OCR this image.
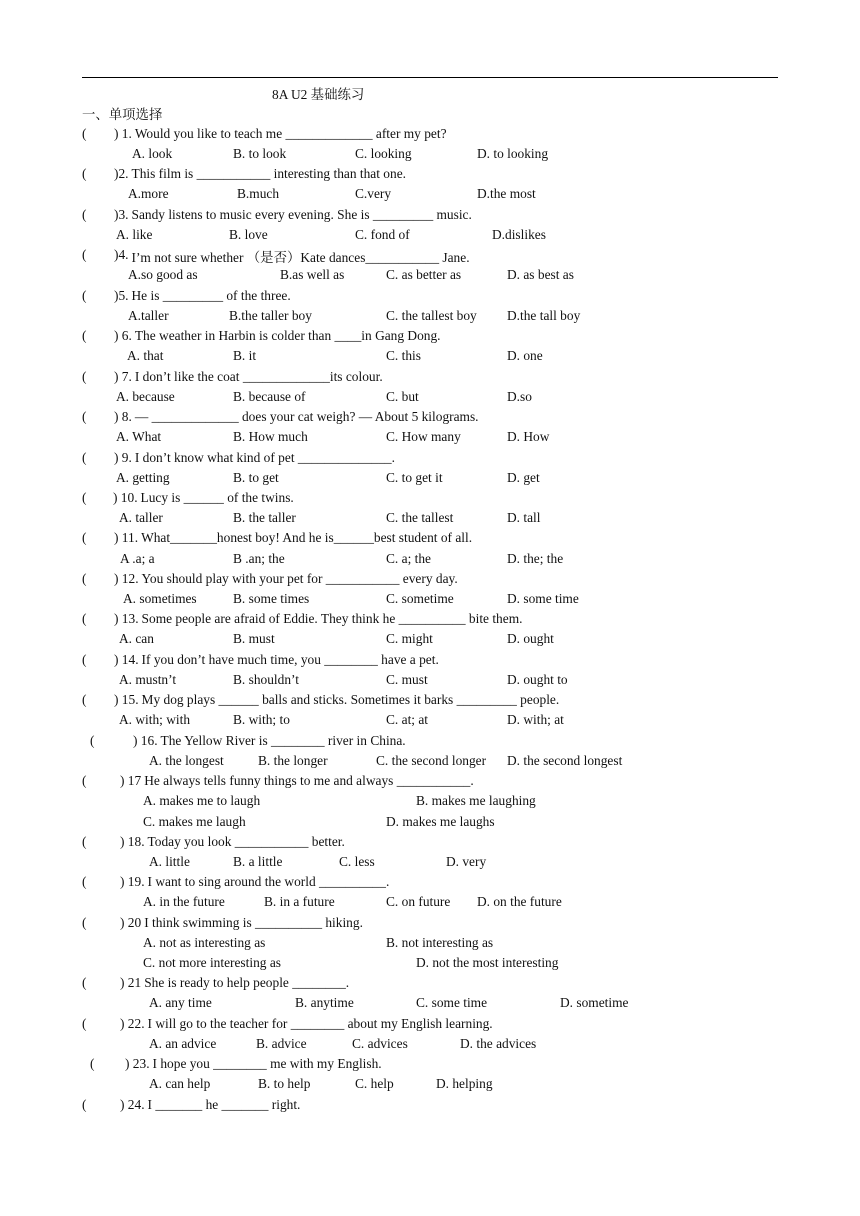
8A U2 基础练习
一、单项选择
( ) 1. Would you like to teach me _____________ after my pet?
A. look	B. to look	C. looking	D. to looking
( )2. This film is ___________ interesting than that one.
A.more	B.much	C.very	D.the most
( )3. Sandy listens to music every evening. She is _________ music.
A. like	B. love	C. fond of	D.dislikes
( )4. I’m not sure whether （是否）Kate dances___________ Jane.
A.so good as	B.as well as	C. as better as	D. as best as
( )5. He is _________ of the three.
A.taller	B.the taller boy	C. the tallest boy D.the tall boy
( ) 6. The weather in Harbin is colder than ____in Gang Dong.
A. that	B. it	C. this	D. one
( ) 7. I don’t like the coat _____________its colour.
A. because	B. because of	C. but	D.so
( ) 8. — _____________ does your cat weigh? — About 5 kilograms.
A. What	B. How much	C. How many	D. How
( ) 9. I don’t know what kind of pet ______________.
A. getting	B. to get	C. to get it	D. get
( ) 10. Lucy is ______ of the twins.
A. taller	B. the taller	C. the tallest	D. tall
( ) 11. What_______honest boy! And he is______best student of all.
A .a; a	B .an; the	C. a; the	D. the; the
( ) 12. You should play with your pet for ___________ every day.
A. sometimes	B. some times	C. sometime	D. some time
( ) 13. Some people are afraid of Eddie. They think he __________ bite them.
A. can	B. must	C. might	D. ought
( ) 14. If you don’t have much time, you ________ have a pet.
A. mustn’t	B. shouldn’t	C. must	D. ought to
( ) 15. My dog plays ______ balls and sticks. Sometimes it barks _________ people.
A. with; with	B. with; to	C. at; at	D. with; at
(	) 16. The Yellow River is ________ river in China.
A. the longest	B. the longer	C. the second longer D. the second longest
(	) 17 He always tells funny things to me and always ___________.
A. makes me to laugh	B. makes me laughing
C. makes me laugh	D. makes me laughs
(	) 18. Today you look ___________ better.
A. little	B. a little	C. less	D. very
(	) 19. I want to sing around the world __________.
A. in the future	B. in a future	C. on future D. on the future
(	) 20 I think swimming is __________ hiking.
A. not as interesting as	B. not interesting as
C. not more interesting as	D. not the most interesting
(	) 21 She is ready to help people ________.
A. any time	B. anytime	C. some time	D. sometime
(	) 22. I will go to the teacher for ________ about my English learning.
A. an advice	B. advice	C. advices	D. the advices
( ) 23. I hope you ________ me with my English.
A. can help	B. to help	C. help	D. helping
(	) 24. I _______ he _______ right.
